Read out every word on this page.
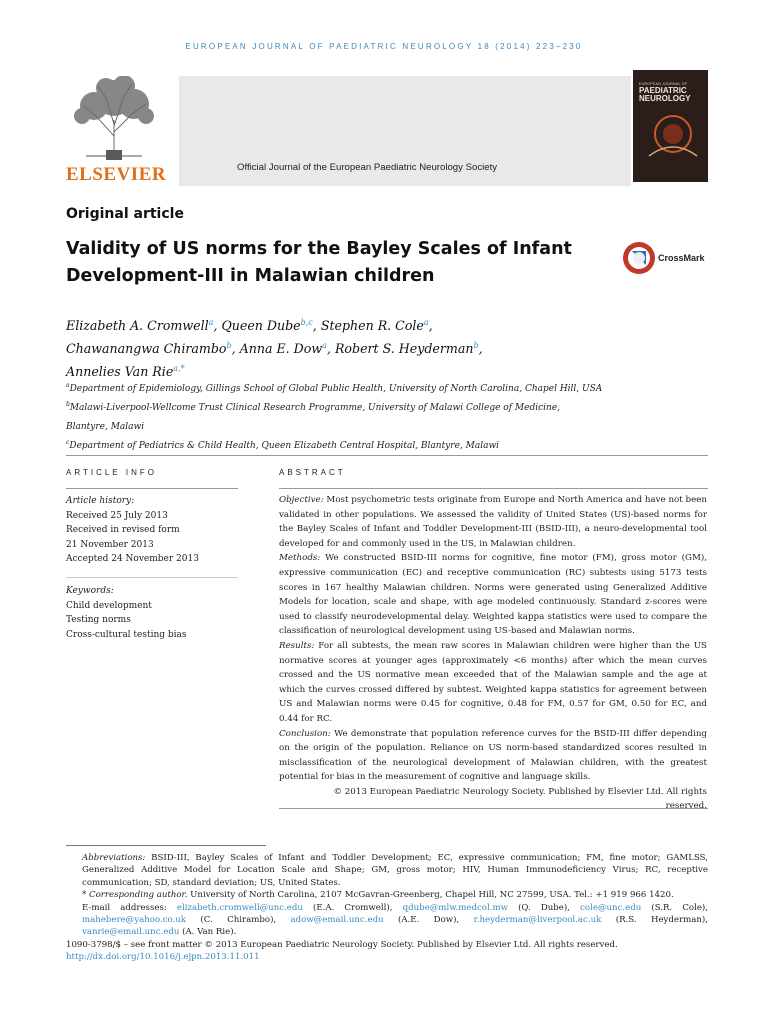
EUROPEAN JOURNAL OF PAEDIATRIC NEUROLOGY 18 (2014) 223–230
ELSEVIER	Official Journal of the European Paediatric Neurology Society
EUROPEAN JOURNAL OF
PAEDIATRIC
NEUROLOGY
Original article
Validity of US norms for the Bayley Scales of Infant
Development-III in Malawian children
CrossMark
Elizabeth A. Cromwell$^a$, Queen Dube$^{b,c}$, Stephen R. Cole$^a$,
Chawanangwa Chirambo$^b$, Anna E. Dow$^a$, Robert S. Heyderman$^b$,
Annelies Van Rie$^{a,*}$
$^a$Department of Epidemiology, Gillings School of Global Public Health, University of North Carolina, Chapel Hill, USA
$^b$Malawi-Liverpool-Wellcome Trust Clinical Research Programme, University of Malawi College of Medicine,
Blantyre, Malawi
$^c$Department of Pediatrics & Child Health, Queen Elizabeth Central Hospital, Blantyre, Malawi
ARTICLE INFO	ABSTRACT
Article history:
Received 25 July 2013
Received in revised form
21 November 2013
Accepted 24 November 2013
Keywords:
Child development
Testing norms
Cross-cultural testing bias

Objective: Most psychometric tests originate from Europe and North America and have not been validated in other populations. We assessed the validity of United States (US)-based norms for the Bayley Scales of Infant and Toddler Development-III (BSID-III), a neuro-developmental tool developed for and commonly used in the US, in Malawian children.

Methods: We constructed BSID-III norms for cognitive, fine motor (FM), gross motor (GM), expressive communication (EC) and receptive communication (RC) subtests using 5173 tests scores in 167 healthy Malawian children. Norms were generated using Generalized Additive Models for location, scale and shape, with age modeled continuously. Standard z-scores were used to classify neurodevelopmental delay. Weighted kappa statistics were used to compare the classification of neurological development using US-based and Malawian norms.

Results: For all subtests, the mean raw scores in Malawian children were higher than the US normative scores at younger ages (approximately <6 months) after which the mean curves crossed and the US normative mean exceeded that of the Malawian sample and the age at which the curves crossed differed by subtest. Weighted kappa statistics for agreement between US and Malawian norms were 0.45 for cognitive, 0.48 for FM, 0.57 for GM, 0.50 for EC, and 0.44 for RC.

Conclusion: We demonstrate that population reference curves for the BSID-III differ depending on the origin of the population. Reliance on US norm-based standardized scores resulted in misclassification of the neurological development of Malawian children, with the greatest potential for bias in the measurement of cognitive and language skills.

© 2013 European Paediatric Neurology Society. Published by Elsevier Ltd. All rights
reserved.

Abbreviations: BSID-III, Bayley Scales of Infant and Toddler Development; EC, expressive communication; FM, fine motor; GAMLSS, Generalized Additive Model for Location Scale and Shape; GM, gross motor; HIV, Human Immunodeficiency Virus; RC, receptive communication; SD, standard deviation; US, United States.

* Corresponding author. University of North Carolina, 2107 McGavran-Greenberg, Chapel Hill, NC 27599, USA. Tel.: +1 919 966 1420.

E-mail addresses: elizabeth.cromwell@unc.edu (E.A. Cromwell), qdube@mlw.medcol.mw (Q. Dube), cole@unc.edu (S.R. Cole), mahebere@yahoo.co.uk (C. Chirambo), adow@email.unc.edu (A.E. Dow), r.heyderman@liverpool.ac.uk (R.S. Heyderman), vanrie@email.unc.edu (A. Van Rie).

1090-3798/$ – see front matter © 2013 European Paediatric Neurology Society. Published by Elsevier Ltd. All rights reserved.

http://dx.doi.org/10.1016/j.ejpn.2013.11.011
